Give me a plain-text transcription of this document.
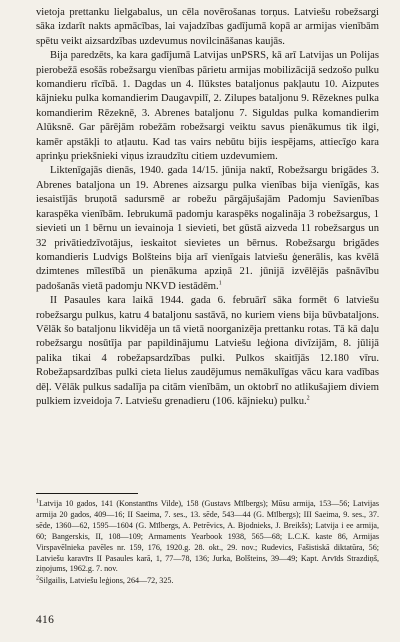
vietoja prettanku lielgabalus, un cēla novērošanas torņus. Latviešu robežsargi sāka izdarīt nakts apmācības, lai vajadzības gadījumā kopā ar armijas vienībām spētu veikt aizsardzības uzdevumus novilcināšanas kaujās.

Bija paredzēts, ka kara gadījumā Latvijas unPSRS, kā arī Latvijas un Polijas pierobežā esošās robežsargu vienības pārietu armijas mobilizācijā sedzošo pulku komandieru rīcībā. 1. Dagdas un 4. Ilūkstes bataljonus pakļautu 10. Aizputes kājnieku pulka komandierim Daugavpilī, 2. Zilupes bataljonu 9. Rēzeknes pulka komandierim Rēzeknē, 3. Abrenes bataljonu 7. Siguldas pulka komandierim Alūksnē. Gar pārējām robežām robežsargi veiktu savus pienākumus tik ilgi, kamēr apstākļi to atļautu. Kad tas vairs nebūtu bijis iespējams, attiecīgo kara aprinķu priekšnieki viņus izraudzītu citiem uzdevumiem.

Liktenīgajās dienās, 1940. gada 14/15. jūnija naktī, Robežsargu brigādes 3. Abrenes bataljona un 19. Abrenes aizsargu pulka vienības bija vienīgās, kas iesaistījās bruņotā sadursmē ar robežu pārgājušajām Padomju Savienības karaspēka vienībām. Iebrukumā padomju karaspēks nogalināja 3 robežsargus, 1 sievieti un 1 bērnu un ievainoja 1 sievieti, bet gūstā aizveda 11 robežsargus un 32 privātiedzīvotājus, ieskaitot sievietes un bērnus. Robežsargu brigādes komandieris Ludvigs Bolšteins bija arī vienīgais latviešu ģenerālis, kas kvēlā dzimtenes mīlestībā un pienākuma apziņā 21. jūnijā izvēlējās pašnāvību padošanās vietā padomju NKVD iestādēm.$^1$

II Pasaules kara laikā 1944. gada 6. februārī sāka formēt 6 latviešu robežsargu pulkus, katru 4 bataljonu sastāvā, no kuriem viens bija būvbataljons. Vēlāk šo bataljonu likvidēja un tā vietā noorganizēja prettanku rotas. Tā kā daļu robežsargu nosūtīja par papildinājumu Latviešu leģiona divīzijām, 8. jūlijā palika tikai 4 robežapsardzības pulki. Pulkos skaitījās 12.180 vīru. Robežapsardzības pulki cieta lielus zaudējumus nemākulīgas vācu kara vadības dēļ. Vēlāk pulkus sadalīja pa citām vienībām, un oktobrī no atlikušajiem diviem pulkiem izveidoja 7. Latviešu grenadieru (106. kājnieku) pulku.$^2$

$^1$Latvija 10 gados, 141 (Konstantīns Vilde), 158 (Gustavs Mīlbergs); Mūsu armija, 153—56; Latvijas armija 20 gados, 409—16; II Saeima, 7. ses., 13. sēde, 543—44 (G. Mīlbergs); III Saeima, 9. ses., 37. sēde, 1360—62, 1595—1604 (G. Mīlbergs, A. Petrēvics, A. Bjodnieks, J. Breikšs); Latvija i ee armija, 60; Bangerskis, II, 108—109; Armaments Yearbook 1938, 565—68; L.C.K. kaste 86, Armijas Virspavēlnieka pavēles nr. 159, 176, 1920.g. 28. okt., 29. nov.; Rudevics, Fašistiskā diktatūra, 56; Latviešu karavīrs II Pasaules karā, 1, 77—78, 136; Jurka, Bolšteins, 39—49; Kapt. Arvīds Strazdiņš, ziņojums, 1962.g. 7. nov.

$^2$Silgailis, Latviešu leģions, 264—72, 325.

416
